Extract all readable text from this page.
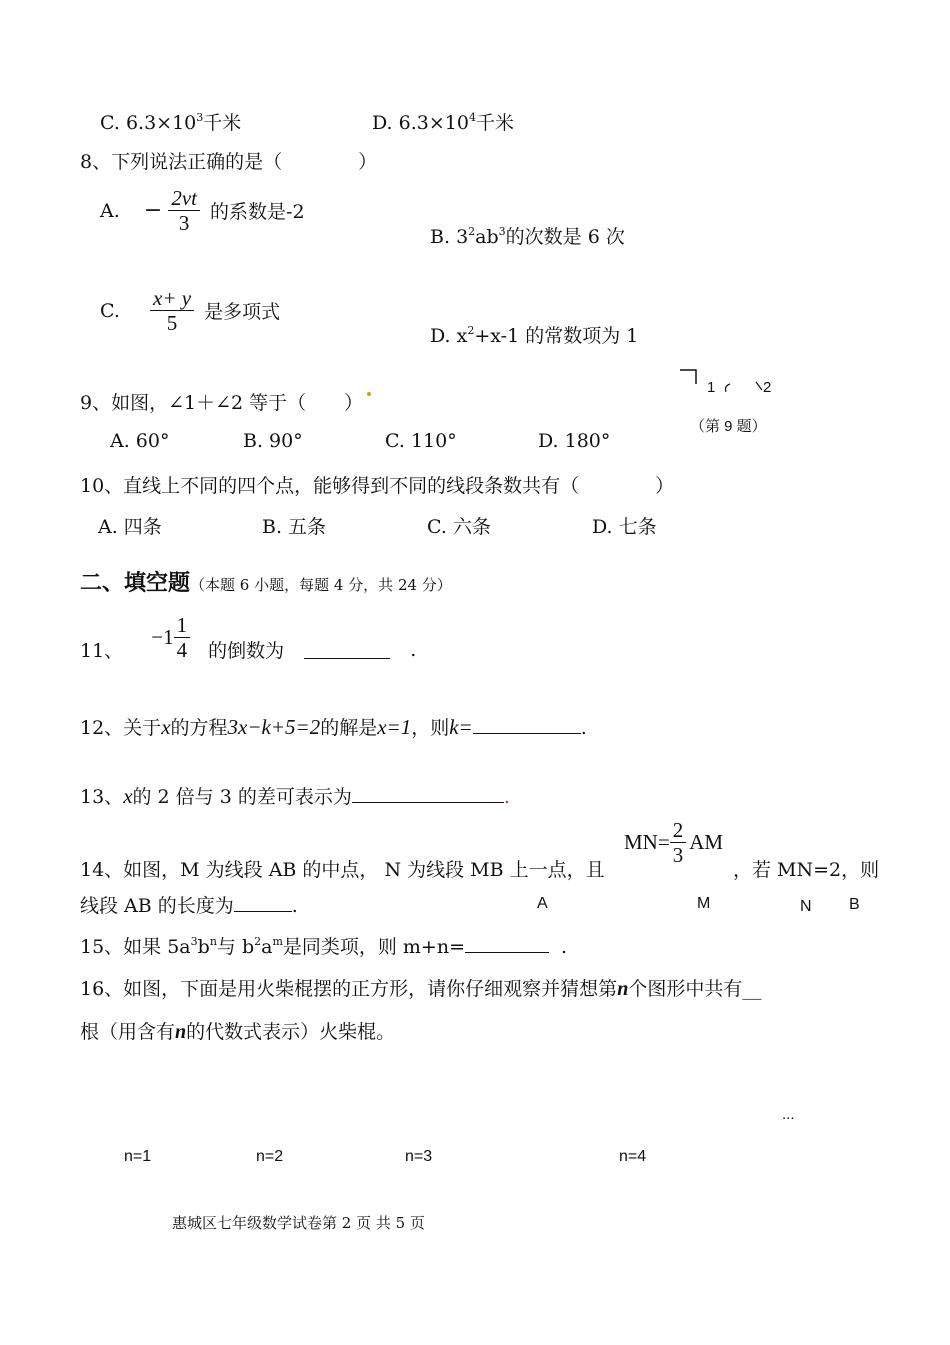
C. $6.3\times 10^3$千米	D. $6.3\times 10^4$千米
8、下列说法正确的是（　　　　）
A. − $\frac{2vt}{3}$ 的系数是-2
B. $3^2ab^3$的次数是 6 次
C. $\frac{x+ y}{5}$ 是多项式
D. $x^2+x-1$ 的常数项为 1
9、如图，∠1＋∠2 等于（　　）
A. 60°	B. 90°	C. 110°	D. 180°
1	2
（第 9 题）
10、直线上不同的四个点，能够得到不同的线段条数共有（　　　　）
A. 四条	B. 五条	C. 六条	D. 七条
二、填空题（本题 6 小题，每题 4 分，共 24 分）
11、  $-1 \frac{1}{4}$ 的倒数为	.
12、关于x的方程3x−k+5=2的解是x=1，则k=	.
13、x的 2 倍与 3 的差可表示为	.
14、如图，M 为线段 AB 的中点， N 为线段 MB 上一点，且
$MN= \frac{2}{3}$ AM
，若 MN=2，则
线段 AB 的长度为	.	A	M	N B
15、如果 $5a^3b^n$与 $b^2a^m$是同类项，则 m+n=	.
16、如图，下面是用火柴棍摆的正方形，请你仔细观察并猜想第n个图形中共有__
根（用含有n的代数式表示）火柴棍。
...
n=1	n=2	n=3	n=4
惠城区七年级数学试卷第 2 页 共 5 页
